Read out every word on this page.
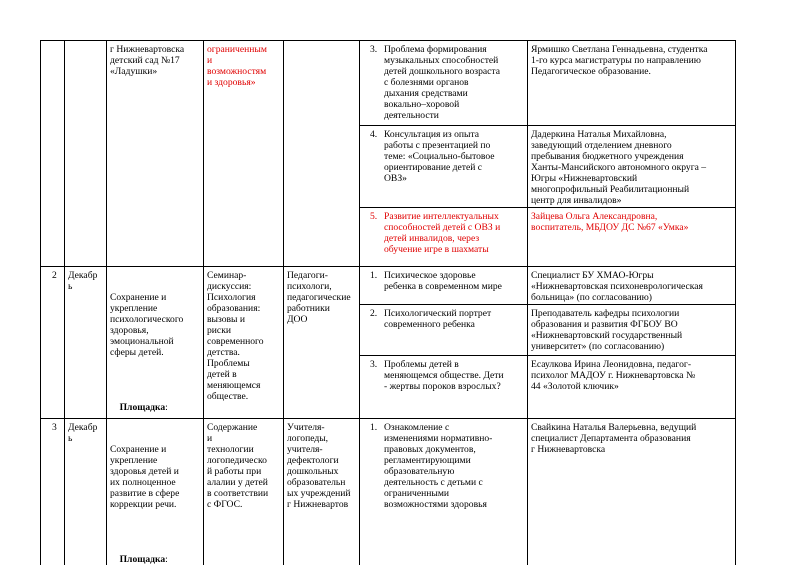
г Нижневартовска
детский сад №17
«Ладушки»
ограниченным
и
возможностям
и здоровья»
3. Проблема формирования
музыкальных способностей
детей дошкольного возраста
с болезнями органов
дыхания средствами
вокально–хоровой
деятельности
Ярмишко Светлана Геннадьевна, студентка
1-го курса магистратуры по направлению
Педагогическое образование.
4. Консультация из опыта
работы с презентацией по
теме: «Социально-бытовое
ориентирование детей с
ОВЗ»
Дадеркина Наталья Михайловна,
заведующий отделением дневного
пребывания бюджетного учреждения
Ханты-Мансийского автономного округа –
Югры «Нижневартовский
многопрофильный Реабилитационный
центр для инвалидов»
5. Развитие интеллектуальных
способностей детей с ОВЗ и
детей инвалидов, через
обучение игре в шахматы
Зайцева Ольга Александровна,
воспитатель, МБДОУ ДС №67 «Умка»
2 Декабр
ь

Сохранение и
укрепление
психологического
здоровья,
эмоциональной
сферы детей.

Площадка:

Семинар-
дискуссия:
Психология
образования:
вызовы и
риски
современного
детства.
Проблемы
детей в
меняющемся
обществе.
Педагоги-
психологи,
педагогические
работники
ДОО
1. Психическое здоровье
ребенка в современном мире
Специалист БУ ХМАО-Югры
«Нижневартовская психоневрологическая
больница» (по согласованию)
2. Психологический портрет
современного ребенка
Преподаватель кафедры психологии
образования и развития ФГБОУ ВО
«Нижневартовский государственный
университет» (по согласованию)
3. Проблемы детей в
меняющемся обществе. Дети
- жертвы пороков взрослых?
Есаулкова Ирина Леонидовна, педагог-
психолог МАДОУ г. Нижневартовска №
44 «Золотой ключик»
3 Декабр
ь

Сохранение и
укрепление
здоровья детей и
их полноценное
развитие в сфере
коррекции речи.

Площадка:

Содержание
и
технологии
логопедическо
й работы при
алалии у детей
в соответствии
с ФГОС.
Учителя-
логопеды,
учителя-
дефектологи
дошкольных
образовательн
ых учреждений
г Нижневартов
1. Ознакомление с
изменениями нормативно-
правовых документов,
регламентирующими
образовательную
деятельность с детьми с
ограниченными
возможностями здоровья
Свайкина Наталья Валерьевна, ведущий
специалист Департамента образования
г Нижневартовска
